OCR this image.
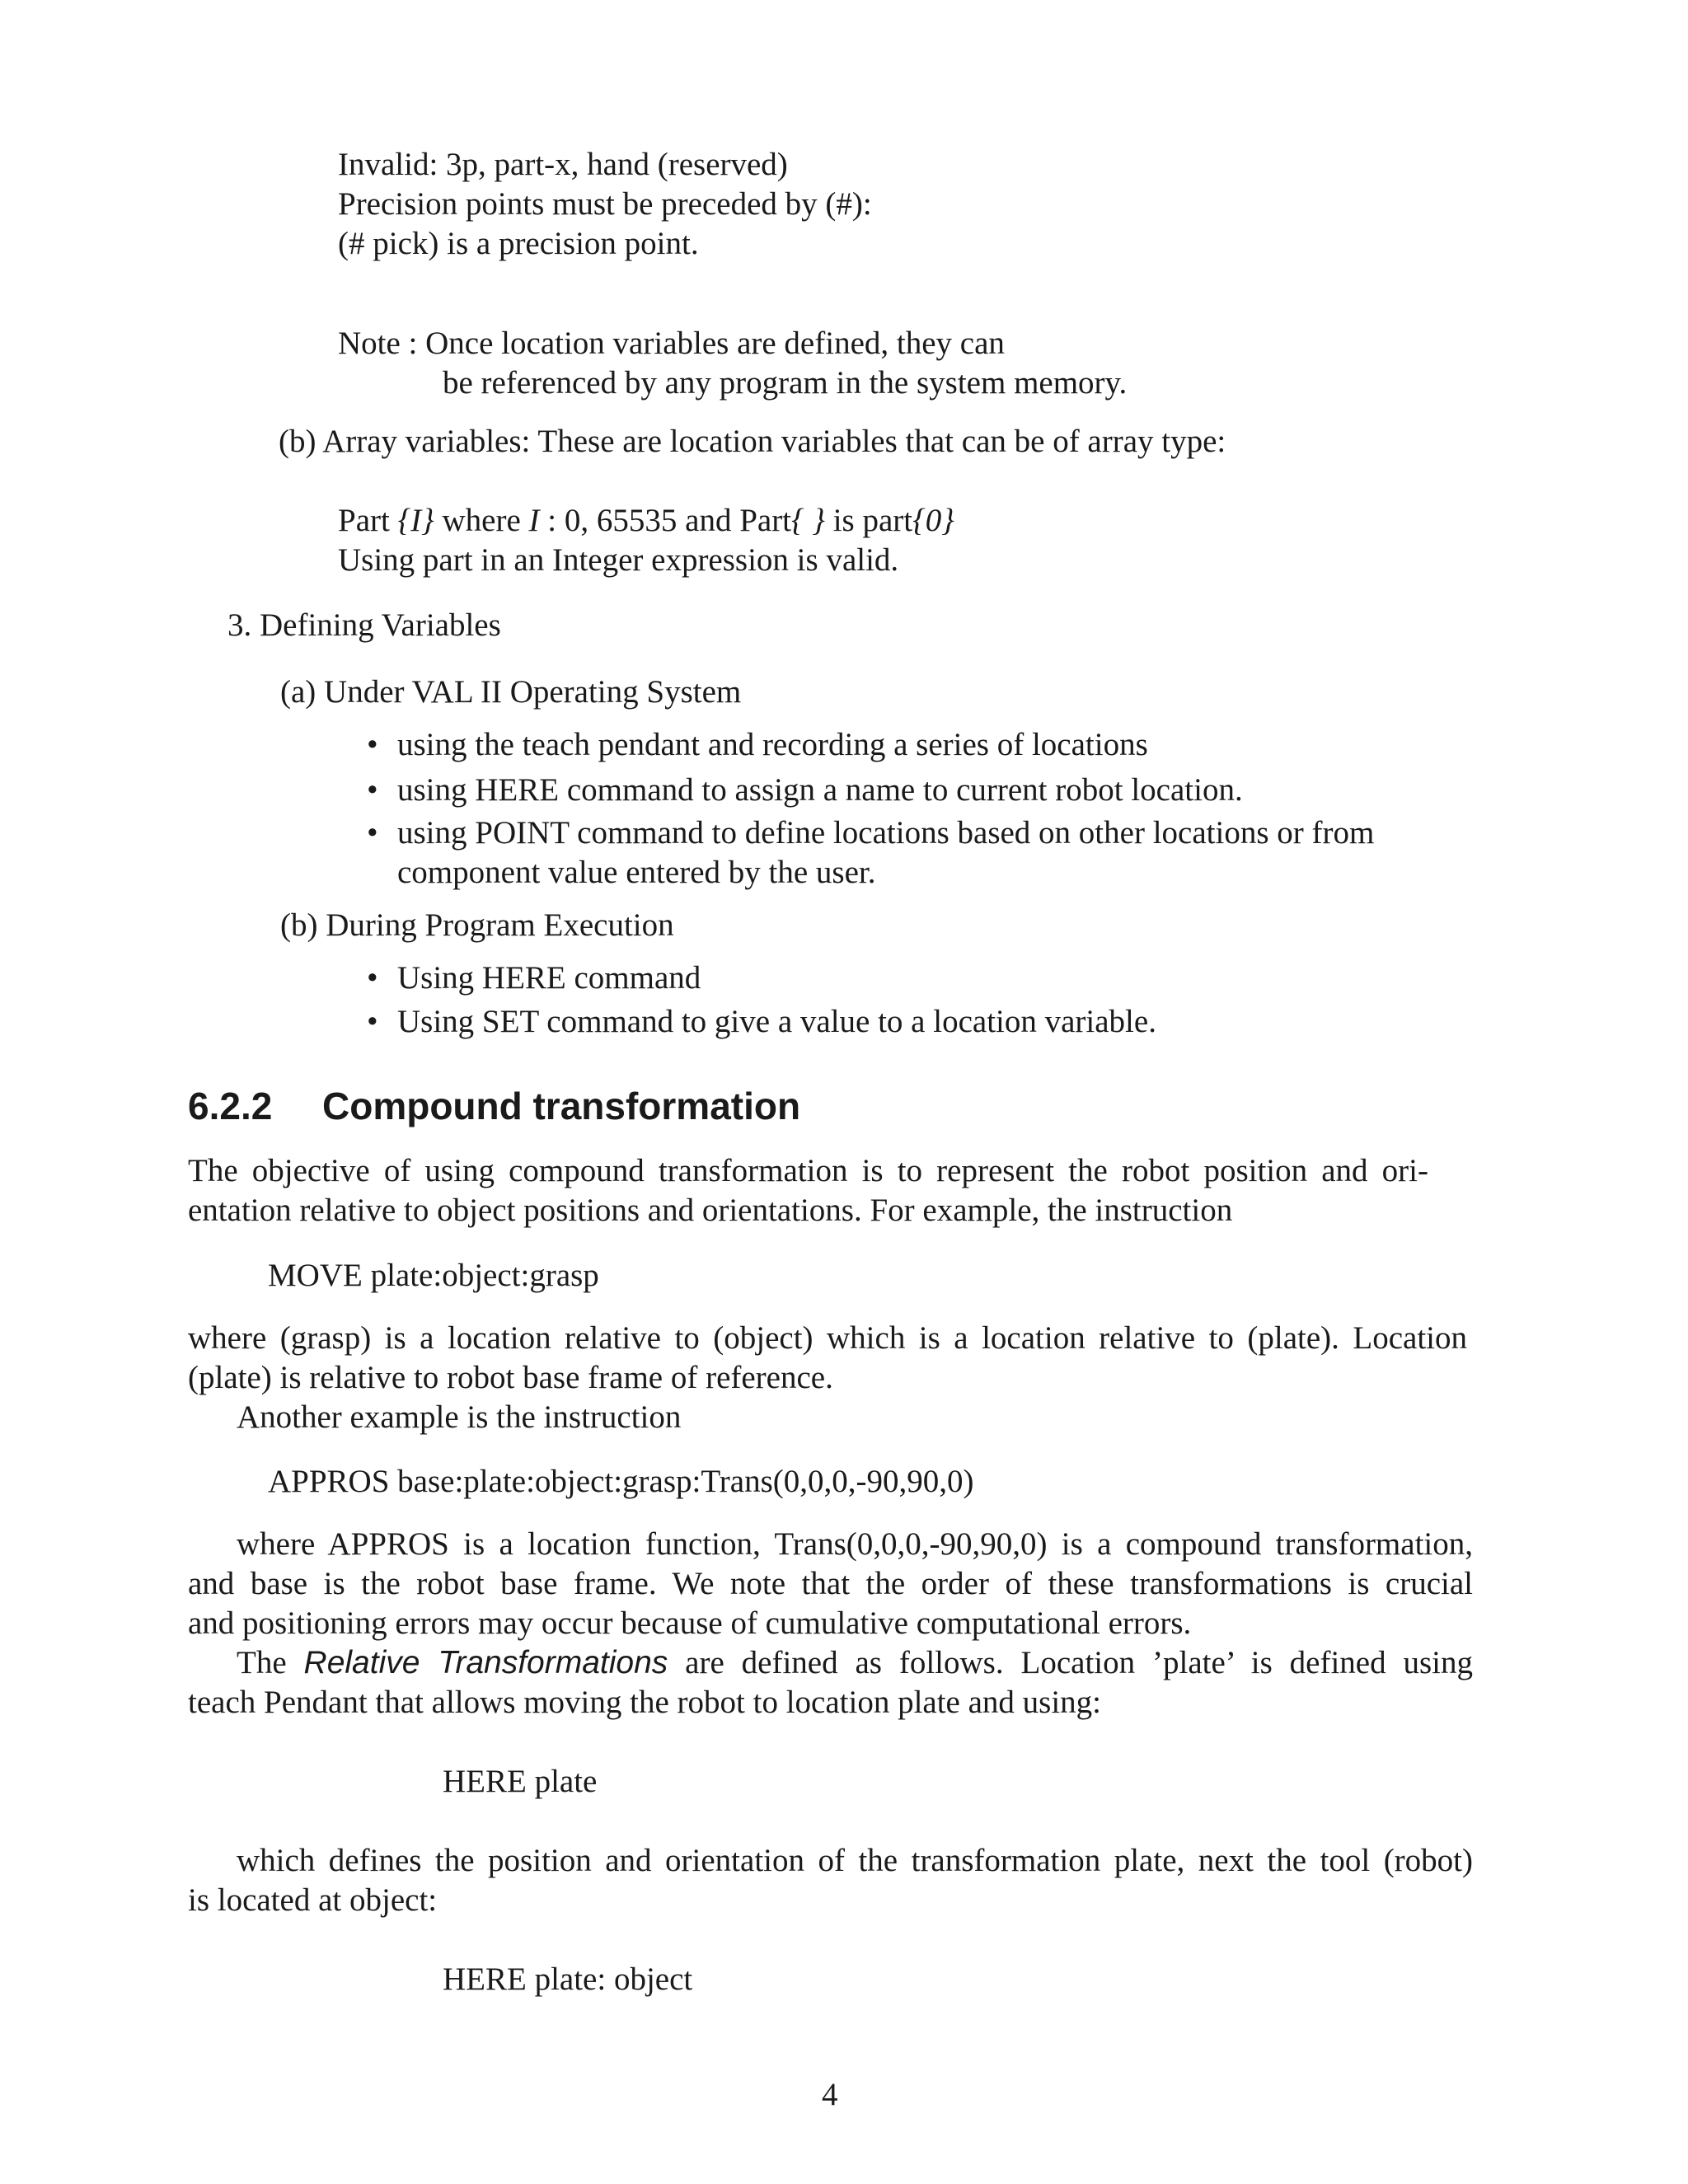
Invalid: 3p, part-x, hand (reserved)
Precision points must be preceded by (#):
(# pick) is a precision point.
Note : Once location variables are defined, they can
be referenced by any program in the system memory.
(b) Array variables: These are location variables that can be of array type:
Part {I} where I : 0, 65535 and Part{ } is part{0}
Using part in an Integer expression is valid.
3. Defining Variables
(a) Under VAL II Operating System
• using the teach pendant and recording a series of locations
• using HERE command to assign a name to current robot location.
• using POINT command to define locations based on other locations or from
component value entered by the user.
(b) During Program Execution
• Using HERE command
• Using SET command to give a value to a location variable.
6.2.2 Compound transformation
The objective of using compound transformation is to represent the robot position and ori-
entation relative to object positions and orientations. For example, the instruction
MOVE plate:object:grasp
where (grasp) is a location relative to (object) which is a location relative to (plate). Location
(plate) is relative to robot base frame of reference.
Another example is the instruction
APPROS base:plate:object:grasp:Trans(0,0,0,-90,90,0)
where APPROS is a location function, Trans(0,0,0,-90,90,0) is a compound transformation,
and base is the robot base frame. We note that the order of these transformations is crucial
and positioning errors may occur because of cumulative computational errors.
The Relative Transformations are defined as follows. Location ’plate’ is defined using
teach Pendant that allows moving the robot to location plate and using:
HERE plate
which defines the position and orientation of the transformation plate, next the tool (robot)
is located at object:
HERE plate: object
4
